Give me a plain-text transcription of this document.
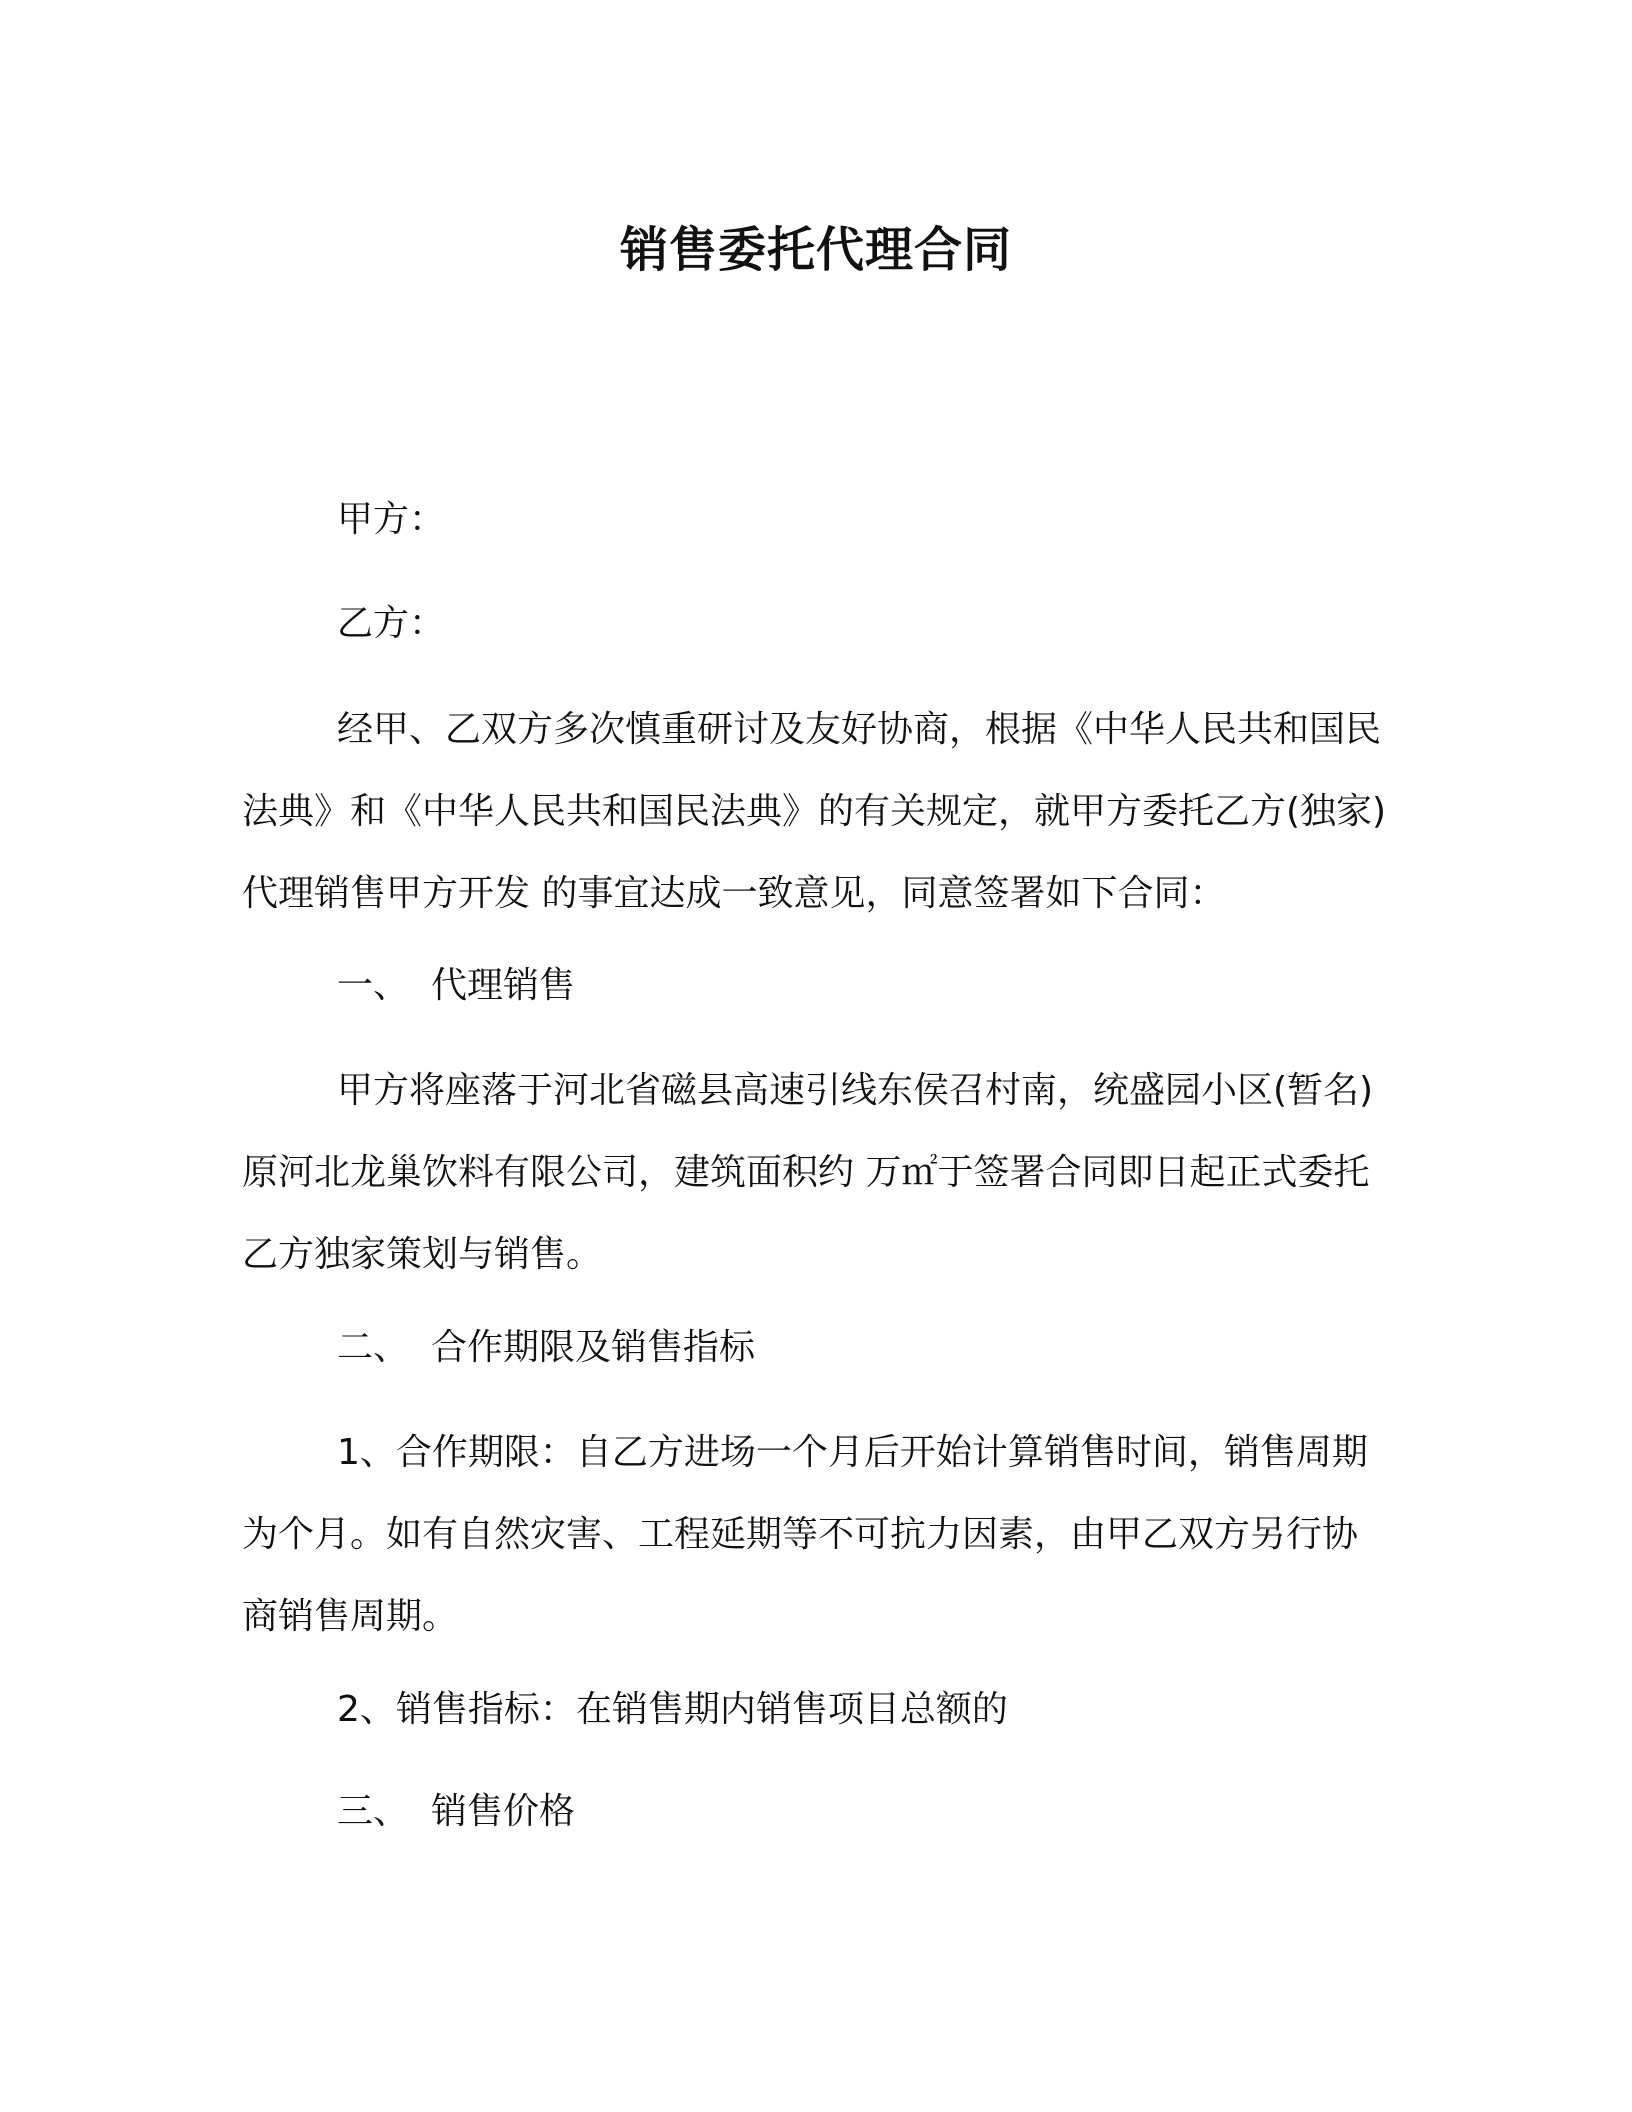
销售委托代理合同
甲方：
乙方：

经甲、乙双方多次慎重研讨及友好协商，根据《中华人民共和国民法典》和《中华人民共和国民法典》的有关规定，就甲方委托乙方(独家)代理销售甲方开发 的事宜达成一致意见，同意签署如下合同：

一、 代理销售

甲方将座落于河北省磁县高速引线东侯召村南，统盛园小区(暂名)原河北龙巢饮料有限公司，建筑面积约 万㎡于签署合同即日起正式委托乙方独家策划与销售。

二、 合作期限及销售指标

1、合作期限：自乙方进场一个月后开始计算销售时间，销售周期为个月。如有自然灾害、工程延期等不可抗力因素，由甲乙双方另行协商销售周期。

2、销售指标：在销售期内销售项目总额的
三、 销售价格
